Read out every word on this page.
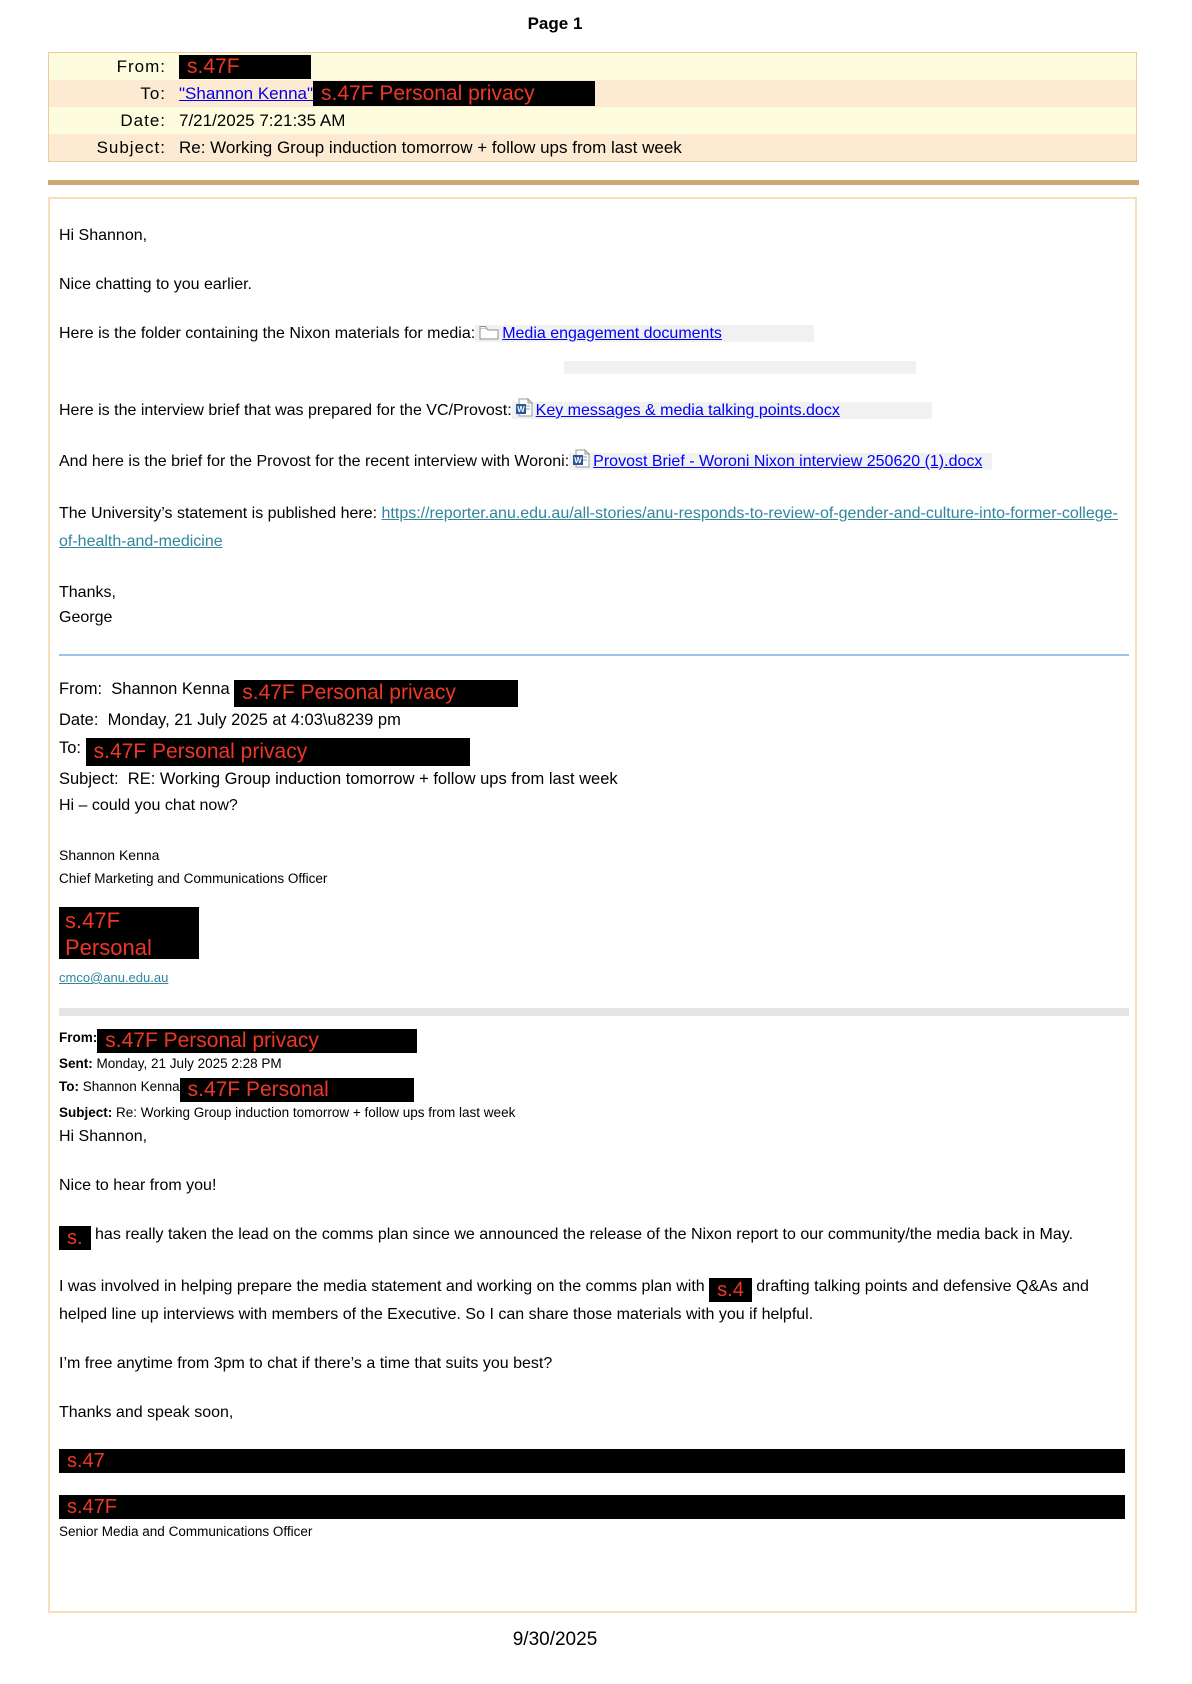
Page 1
From:	s.47F
To: "Shannon Kenna" s.47F Personal privacy
Date: 7/21/2025 7:21:35 AM
Subject: Re: Working Group induction tomorrow + follow ups from last week

Hi Shannon,

Nice chatting to you earlier.

Here is the folder containing the Nixon materials for media: Media engagement documents

Here is the interview brief that was prepared for the VC/Provost: W Key messages & media talking points.docx

And here is the brief for the Provost for the recent interview with Woroni: W Provost Brief - Woroni Nixon interview 250620 (1).docx

The University’s statement is published here: https://reporter.anu.edu.au/all-stories/anu-responds-to-review-of-gender-and-culture-into-former-college-of-health-and-medicine

Thanks,
George

From: Shannon Kenna s.47F Personal privacy
Date: Monday, 21 July 2025 at 4:03\u8239 pm
To: s.47F Personal privacy
Subject: RE: Working Group induction tomorrow + follow ups from last week

Hi – could you chat now?

Shannon Kenna
Chief Marketing and Communications Officer
s.47F
Personal
cmco@anu.edu.au
From: s.47F Personal privacy
Sent: Monday, 21 July 2025 2:28 PM
To: Shannon Kenna s.47F Personal
Subject: Re: Working Group induction tomorrow + follow ups from last week

Hi Shannon,

Nice to hear from you!

s. has really taken the lead on the comms plan since we announced the release of the Nixon report to our community/the media back in May.

I was involved in helping prepare the media statement and working on the comms plan with s.4 drafting talking points and defensive Q&As and helped line up interviews with members of the Executive. So I can share those materials with you if helpful.

I’m free anytime from 3pm to chat if there’s a time that suits you best?

Thanks and speak soon,

s.47
s.47F
Senior Media and Communications Officer
9/30/2025
